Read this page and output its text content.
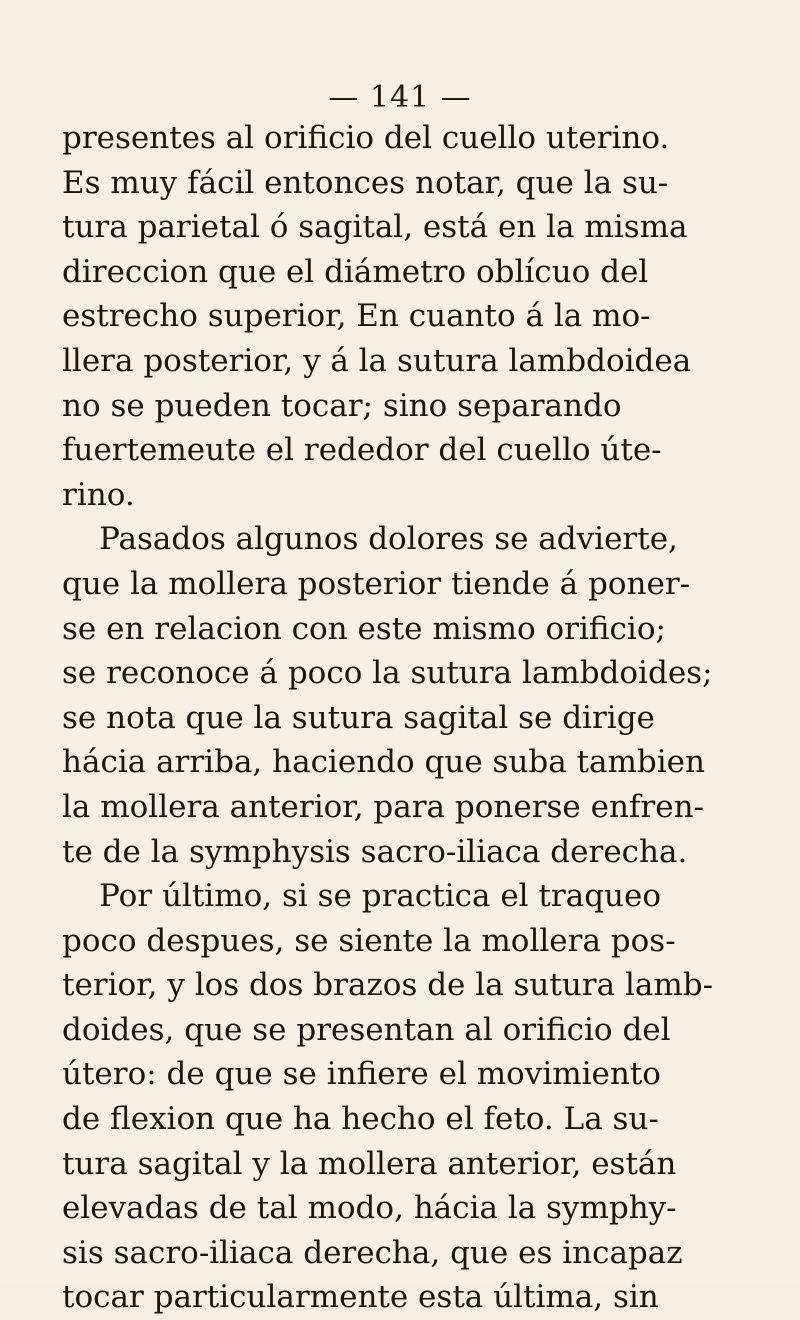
— 141 —
presentes al orificio del cuello uterino.
Es muy fácil entonces notar, que la su-
tura parietal ó sagital, está en la misma
direccion que el diámetro oblícuo del
estrecho superior, En cuanto á la mo-
llera posterior, y á la sutura lambdoidea
no se pueden tocar; sino separando
fuertemeute el rededor del cuello úte-
rino.
Pasados algunos dolores se advierte,
que la mollera posterior tiende á poner-
se en relacion con este mismo orificio;
se reconoce á poco la sutura lambdoides;
se nota que la sutura sagital se dirige
hácia arriba, haciendo que suba tambien
la mollera anterior, para ponerse enfren-
te de la symphysis sacro-iliaca derecha.
Por último, si se practica el traqueo
poco despues, se siente la mollera pos-
terior, y los dos brazos de la sutura lamb-
doides, que se presentan al orificio del
útero: de que se infiere el movimiento
de flexion que ha hecho el feto. La su-
tura sagital y la mollera anterior, están
elevadas de tal modo, hácia la symphy-
sis sacro-iliaca derecha, que es incapaz
tocar particularmente esta última, sin
